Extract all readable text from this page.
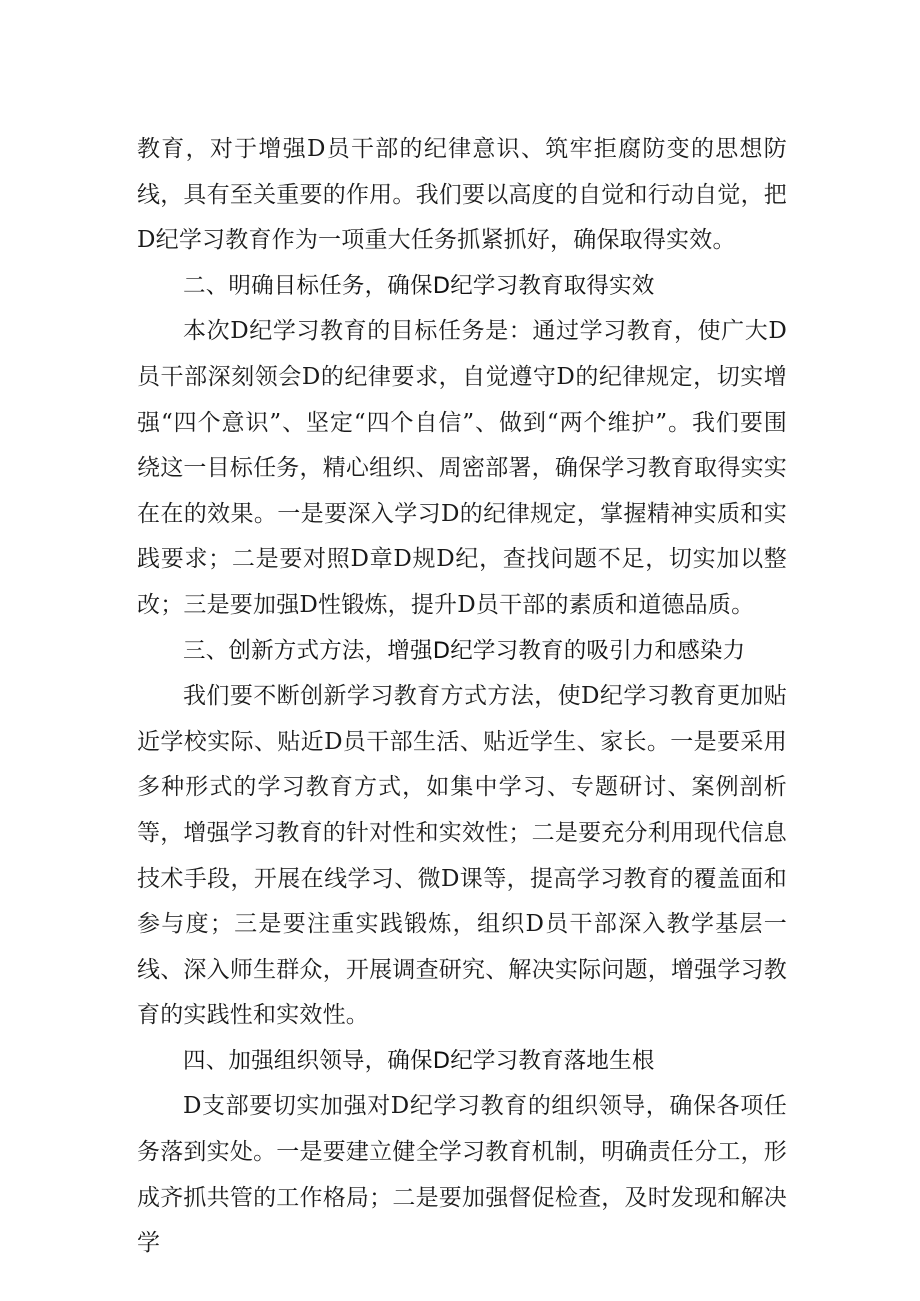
教育，对于增强D员干部的纪律意识、筑牢拒腐防变的思想防线，具有至关重要的作用。我们要以高度的自觉和行动自觉，把D纪学习教育作为一项重大任务抓紧抓好，确保取得实效。

二、明确目标任务，确保D纪学习教育取得实效

本次D纪学习教育的目标任务是：通过学习教育，使广大D员干部深刻领会D的纪律要求，自觉遵守D的纪律规定，切实增强“四个意识”、坚定“四个自信”、做到“两个维护”。我们要围绕这一目标任务，精心组织、周密部署，确保学习教育取得实实在在的效果。一是要深入学习D的纪律规定，掌握精神实质和实践要求；二是要对照D章D规D纪，查找问题不足，切实加以整改；三是要加强D性锻炼，提升D员干部的素质和道德品质。

三、创新方式方法，增强D纪学习教育的吸引力和感染力

我们要不断创新学习教育方式方法，使D纪学习教育更加贴近学校实际、贴近D员干部生活、贴近学生、家长。一是要采用多种形式的学习教育方式，如集中学习、专题研讨、案例剖析等，增强学习教育的针对性和实效性；二是要充分利用现代信息技术手段，开展在线学习、微D课等，提高学习教育的覆盖面和参与度；三是要注重实践锻炼，组织D员干部深入教学基层一线、深入师生群众，开展调查研究、解决实际问题，增强学习教育的实践性和实效性。

四、加强组织领导，确保D纪学习教育落地生根

D支部要切实加强对D纪学习教育的组织领导，确保各项任务落到实处。一是要建立健全学习教育机制，明确责任分工，形成齐抓共管的工作格局；二是要加强督促检查，及时发现和解决学
